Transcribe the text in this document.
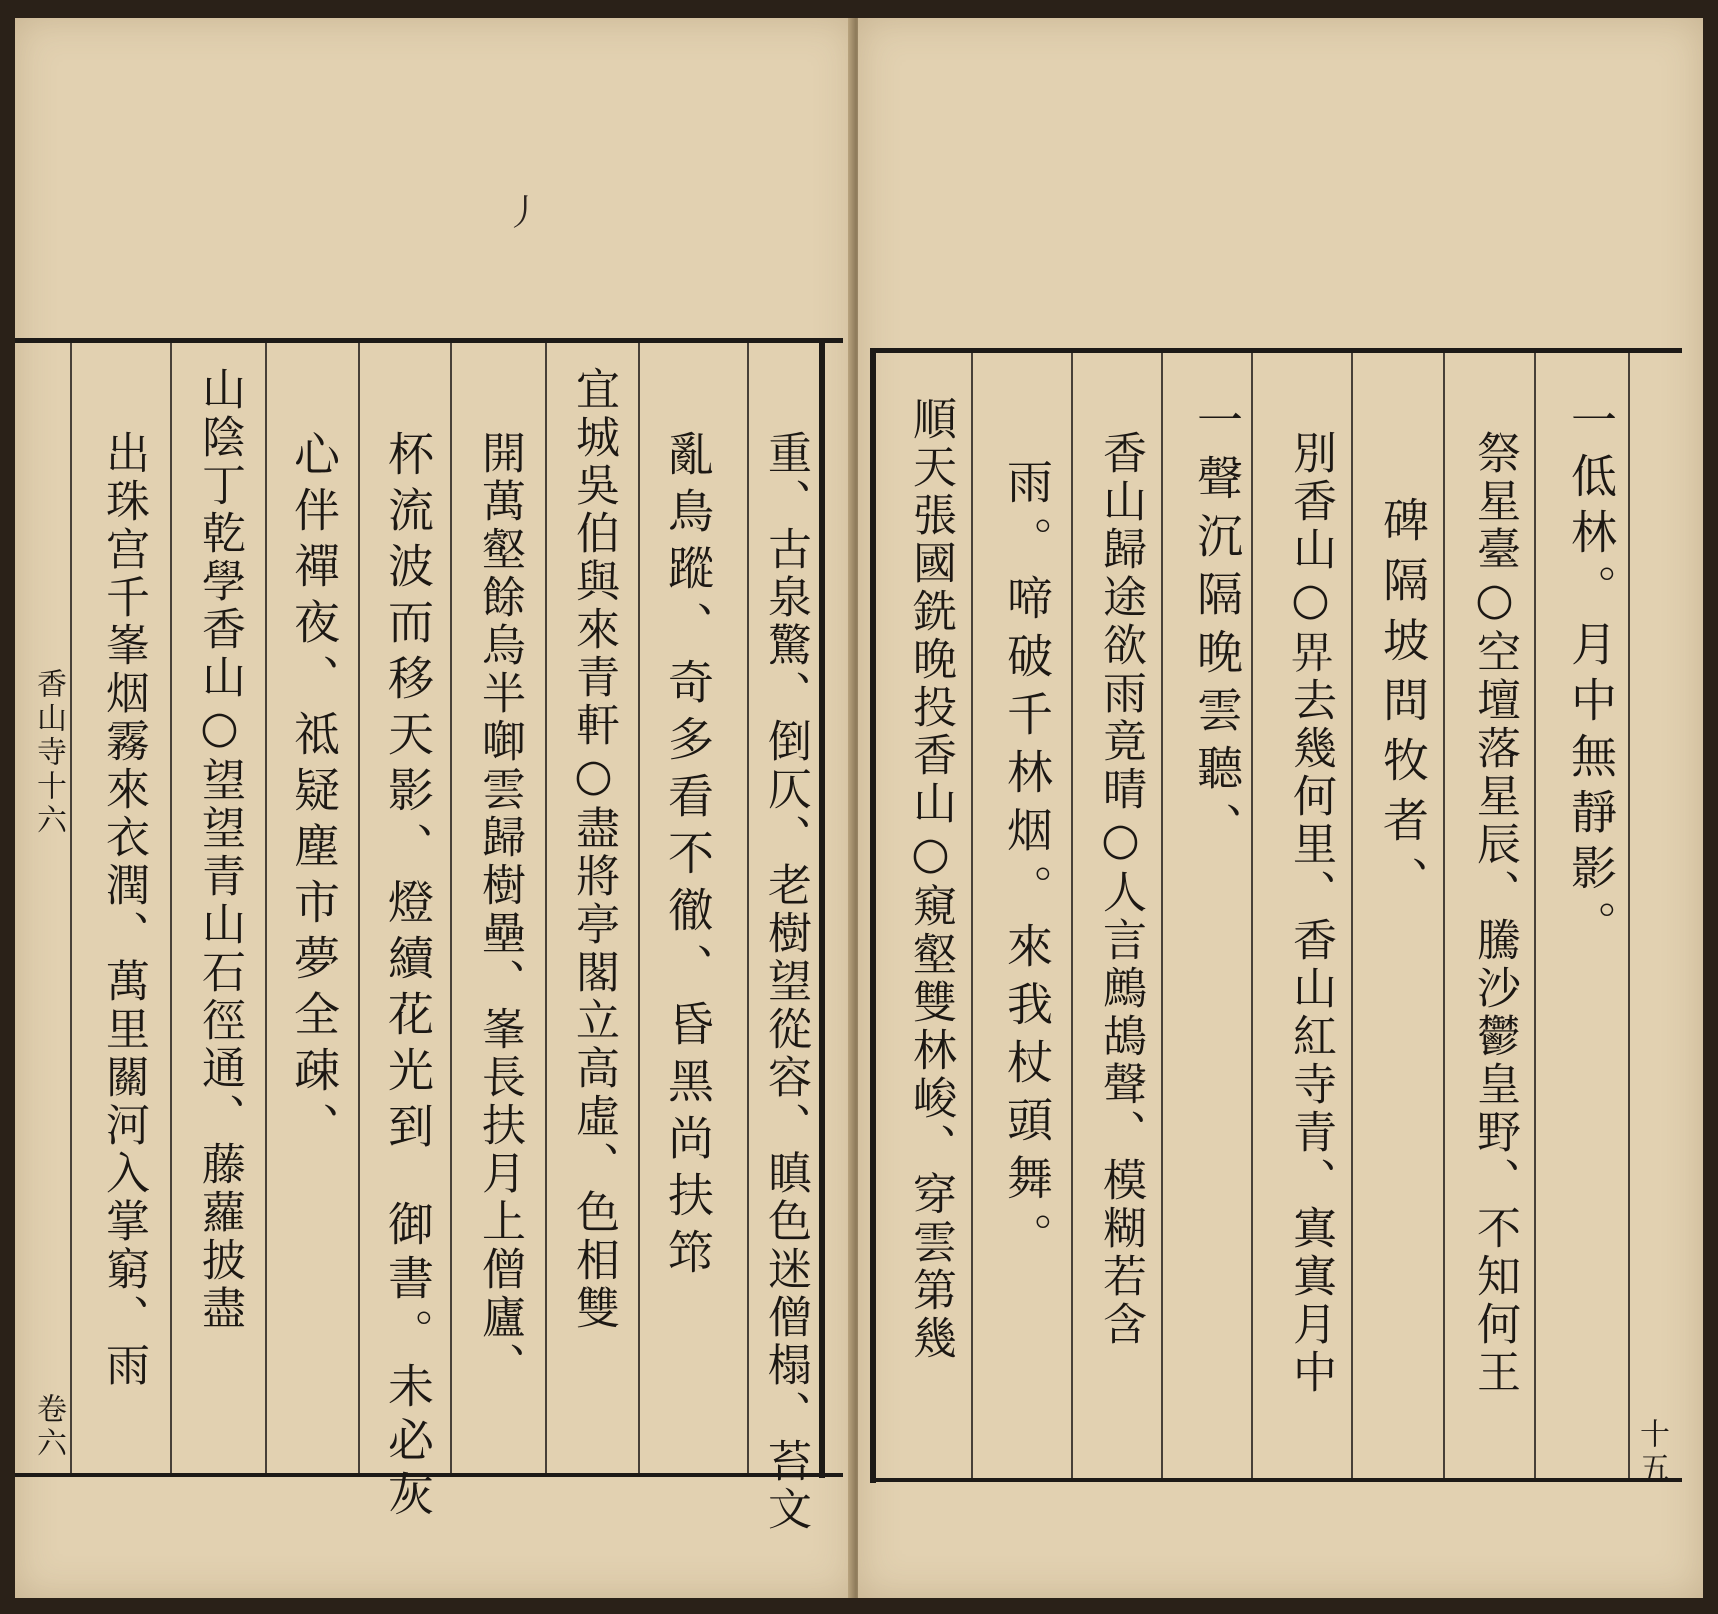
重、古泉驚、倒仄、老樹望從容、瞋色迷僧榻、苔文
亂鳥蹤、奇多看不徹、昏黑尚扶筇
宜城吳伯與來青軒○盡將亭閣立高虛、色相雙
開萬壑餘烏半啣雲歸樹壘、峯長扶月上僧廬、
杯流波而移天影、燈續花光到
御書。未必灰
心伴禪夜、祗疑塵市夢全疎、
山陰丁乾學香山○望望青山石徑通、藤蘿披盡
出珠宫千峯烟霧來衣潤、萬里關河入掌窮、雨
香山寺十六
卷六
丿
一低林。月中無靜影。
祭星臺○空壇落星辰、騰沙鬱皇野、不知何王
碑隔坡問牧者、
別香山○𢌿去幾何里、香山紅寺青、寘寘月中
一聲沉隔晚雲聽、
香山歸途欲雨竟晴○人言鷓鴣聲、模糊若含
雨。啼破千林烟。來我杖頭舞。
順天張國銑晚投香山○窺壑雙林峻、穿雲第幾
十五
